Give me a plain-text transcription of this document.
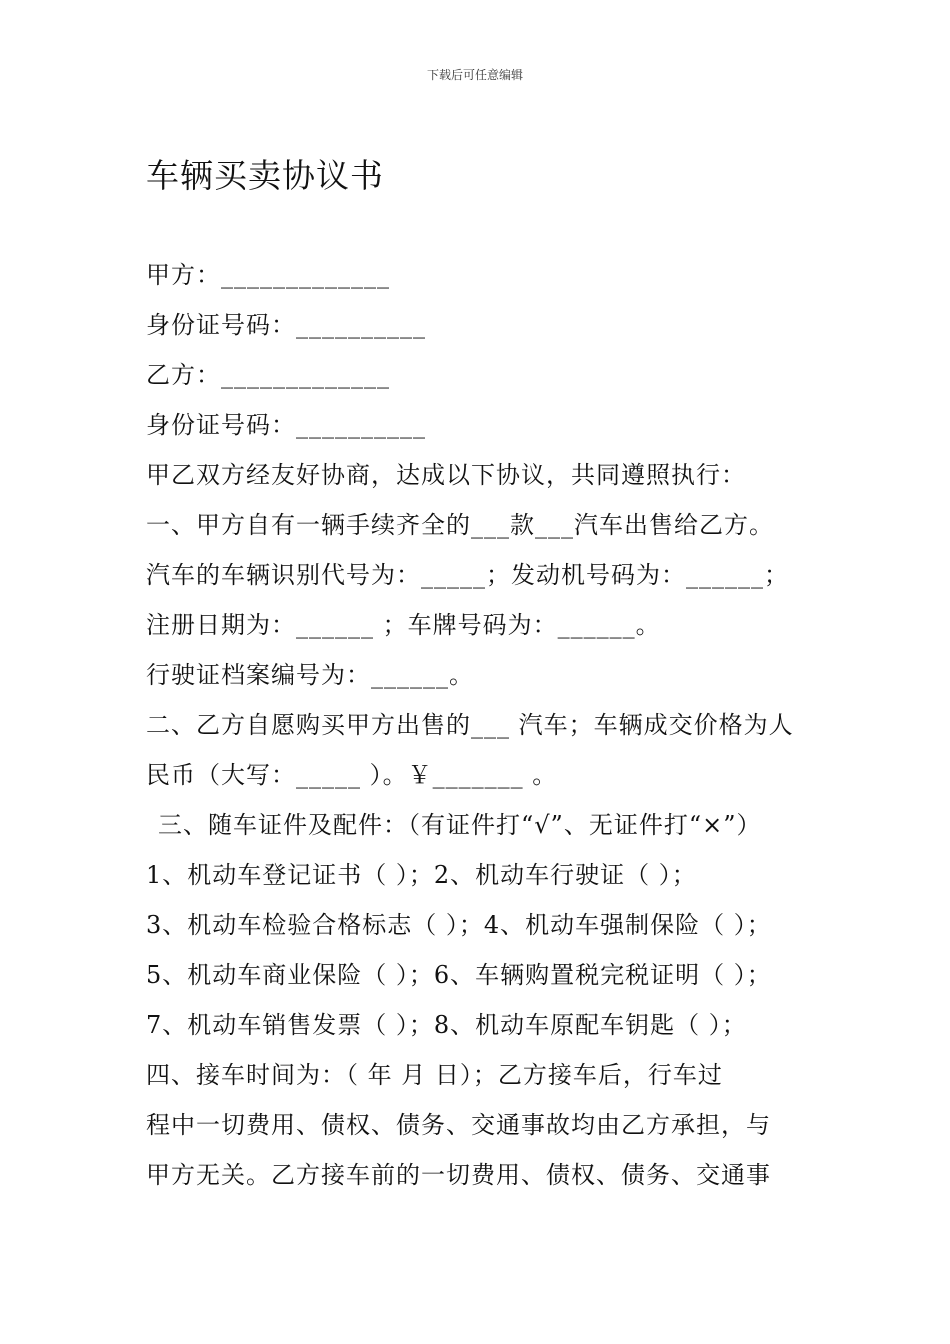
下载后可任意编辑
车辆买卖协议书
甲方：_____________
身份证号码：__________
乙方：_____________
身份证号码：__________
甲乙双方经友好协商，达成以下协议，共同遵照执行：
一、甲方自有一辆手续齐全的___款___汽车出售给乙方。
汽车的车辆识别代号为：_____；发动机号码为：______；
注册日期为：______ ；车牌号码为：______。
行驶证档案编号为：______。
二、乙方自愿购买甲方出售的___ 汽车；车辆成交价格为人
民币（大写：_____ ）。￥_______ 。
三、随车证件及配件：（有证件打“√”、无证件打“×”）
1、机动车登记证书（ ）；2、机动车行驶证（ ）；
3、机动车检验合格标志（ ）；4、机动车强制保险（ ）；
5、机动车商业保险（ ）；6、车辆购置税完税证明（ ）；
7、机动车销售发票（ ）；8、机动车原配车钥匙（ ）；
四、接车时间为：（ 年 月 日）；乙方接车后，行车过
程中一切费用、债权、债务、交通事故均由乙方承担，与
甲方无关。乙方接车前的一切费用、债权、债务、交通事
